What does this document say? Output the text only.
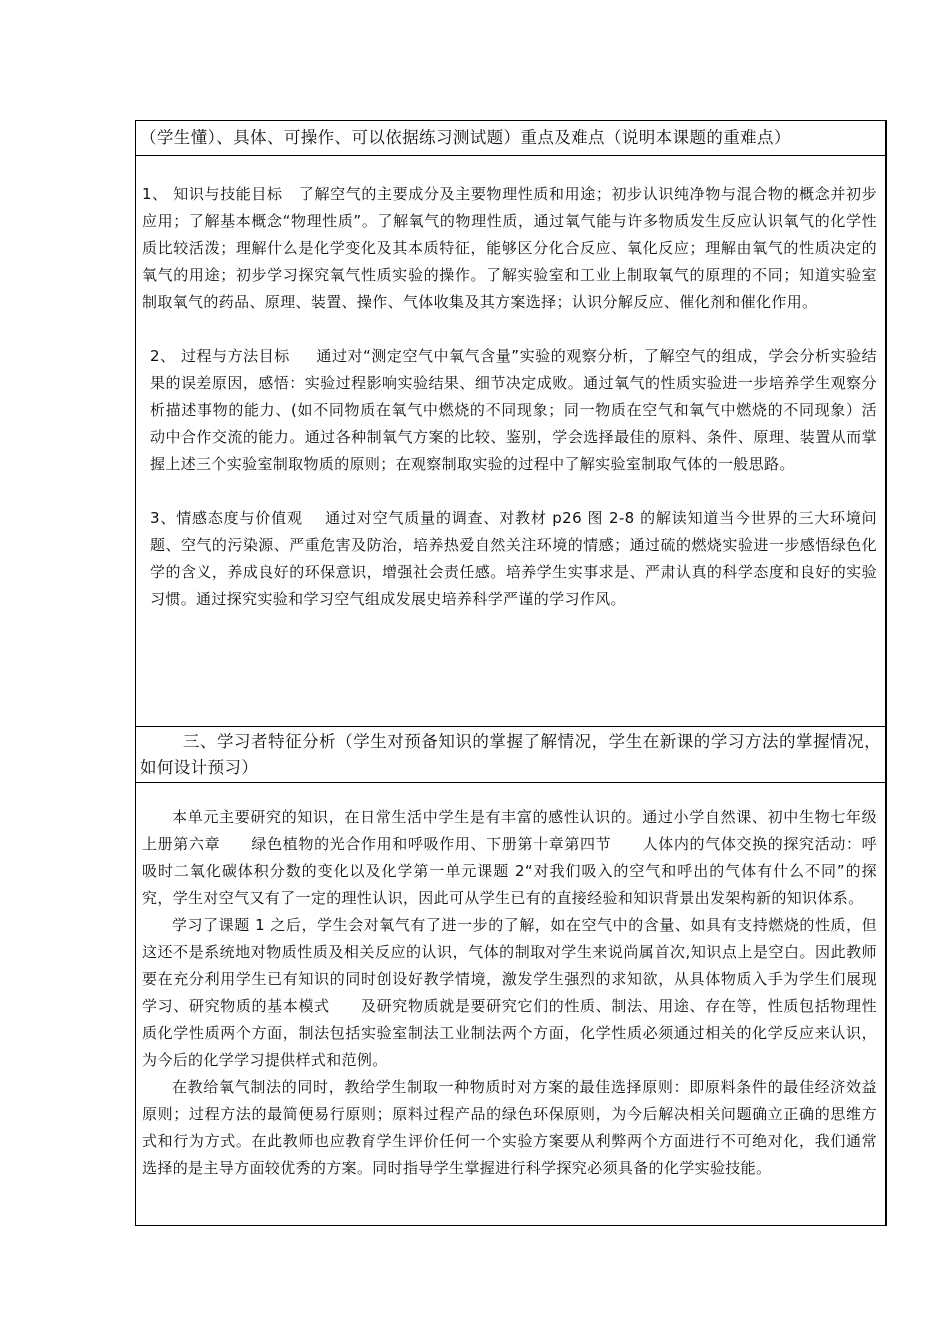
（学生懂）、具体、可操作、可以依据练习测试题）重点及难点（说明本课题的重难点）

1、 知识与技能目标 了解空气的主要成分及主要物理性质和用途；初步认识纯净物与混合物的概念并初步应用；了解基本概念“物理性质”。了解氧气的物理性质，通过氧气能与许多物质发生反应认识氧气的化学性质比较活泼；理解什么是化学变化及其本质特征，能够区分化合反应、氧化反应；理解由氧气的性质决定的氧气的用途；初步学习探究氧气性质实验的操作。了解实验室和工业上制取氧气的原理的不同；知道实验室制取氧气的药品、原理、装置、操作、气体收集及其方案选择；认识分解反应、催化剂和催化作用。

2、 过程与方法目标 通过对“测定空气中氧气含量”实验的观察分析，了解空气的组成，学会分析实验结果的误差原因，感悟：实验过程影响实验结果、细节决定成败。通过氧气的性质实验进一步培养学生观察分析描述事物的能力、(如不同物质在氧气中燃烧的不同现象；同一物质在空气和氧气中燃烧的不同现象）活动中合作交流的能力。通过各种制氧气方案的比较、鉴别，学会选择最佳的原料、条件、原理、装置从而掌握上述三个实验室制取物质的原则；在观察制取实验的过程中了解实验室制取气体的一般思路。

3、情感态度与价值观 通过对空气质量的调查、对教材 p26 图 2-8 的解读知道当今世界的三大环境问题、空气的污染源、严重危害及防治，培养热爱自然关注环境的情感；通过硫的燃烧实验进一步感悟绿色化学的含义，养成良好的环保意识，增强社会责任感。培养学生实事求是、严肃认真的科学态度和良好的实验习惯。通过探究实验和学习空气组成发展史培养科学严谨的学习作风。

三、学习者特征分析（学生对预备知识的掌握了解情况，学生在新课的学习方法的掌握情况，如何设计预习）

本单元主要研究的知识，在日常生活中学生是有丰富的感性认识的。通过小学自然课、初中生物七年级上册第六章　　绿色植物的光合作用和呼吸作用、下册第十章第四节　　人体内的气体交换的探究活动：呼吸时二氧化碳体积分数的变化以及化学第一单元课题 2“对我们吸入的空气和呼出的气体有什么不同”的探究，学生对空气又有了一定的理性认识，因此可从学生已有的直接经验和知识背景出发架构新的知识体系。

学习了课题 1 之后，学生会对氧气有了进一步的了解，如在空气中的含量、如具有支持燃烧的性质，但这还不是系统地对物质性质及相关反应的认识，气体的制取对学生来说尚属首次,知识点上是空白。因此教师要在充分利用学生已有知识的同时创设好教学情境，激发学生强烈的求知欲，从具体物质入手为学生们展现学习、研究物质的基本模式　　及研究物质就是要研究它们的性质、制法、用途、存在等，性质包括物理性质化学性质两个方面，制法包括实验室制法工业制法两个方面，化学性质必须通过相关的化学反应来认识，为今后的化学学习提供样式和范例。

在教给氧气制法的同时，教给学生制取一种物质时对方案的最佳选择原则：即原料条件的最佳经济效益原则；过程方法的最简便易行原则；原料过程产品的绿色环保原则，为今后解决相关问题确立正确的思维方式和行为方式。在此教师也应教育学生评价任何一个实验方案要从利弊两个方面进行不可绝对化，我们通常选择的是主导方面较优秀的方案。同时指导学生掌握进行科学探究必须具备的化学实验技能。
